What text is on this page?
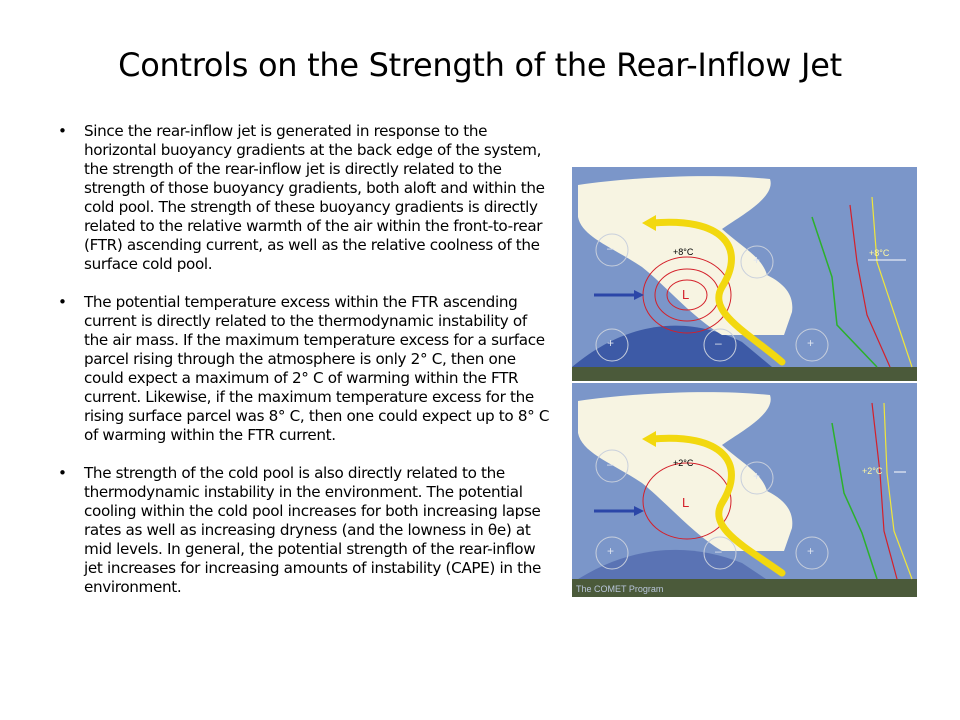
Controls on the Strength of the Rear-Inflow Jet
• Since the rear-inflow jet is generated in response to the horizontal buoyancy gradients at the back edge of the system, the strength of the rear-inflow jet is directly related to the strength of those buoyancy gradients, both aloft and within the cold pool. The strength of these buoyancy gradients is directly related to the relative warmth of the air within the front-to-rear (FTR) ascending current, as well as the relative coolness of the surface cold pool.
• The potential temperature excess within the FTR ascending current is directly related to the thermodynamic instability of the air mass. If the maximum temperature excess for a surface parcel rising through the atmosphere is only 2° C, then one could expect a maximum of 2° C of warming within the FTR current. Likewise, if the maximum temperature excess for the rising surface parcel was 8° C, then one could expect up to 8° C of warming within the FTR current.
• The strength of the cold pool is also directly related to the thermodynamic instability in the environment. The potential cooling within the cold pool increases for both increasing lapse rates as well as increasing dryness (and the lowness in θe) at mid levels. In general, the potential strength of the rear-inflow jet increases for increasing amounts of instability (CAPE) in the environment.
+8°C	+8°C
L
–
+
+	–	+
+2°C
+2°C
L
–
+
+	–	+
The COMET Program
